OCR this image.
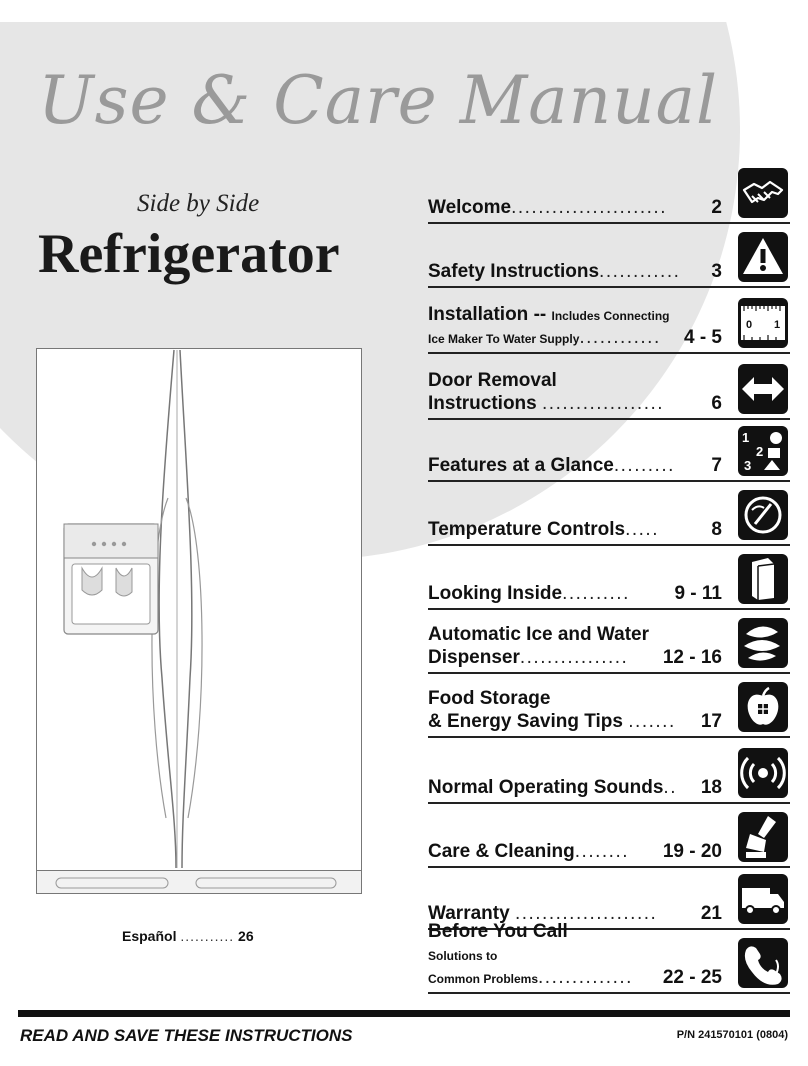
Use & Care Manual
Side by Side
Refrigerator
Español ........... 26
Welcome.......................	2
Safety Instructions............	3
Installation -- Includes Connecting
Ice Maker To Water Supply............	4 - 5
0 1
Door Removal
Instructions ..................	6
Features at a Glance.........	7
1
2
3
Temperature Controls.....	8
Looking Inside..........	9 - 11
Automatic Ice and Water
Dispenser................	12 - 16
Food Storage
& Energy Saving Tips .......	17
Normal Operating Sounds..	18
Care & Cleaning........	19 - 20
Warranty .....................	21
Before You Call
Solutions to
Common Problems..............	22 - 25
READ AND SAVE THESE INSTRUCTIONS	P/N 241570101 (0804)
